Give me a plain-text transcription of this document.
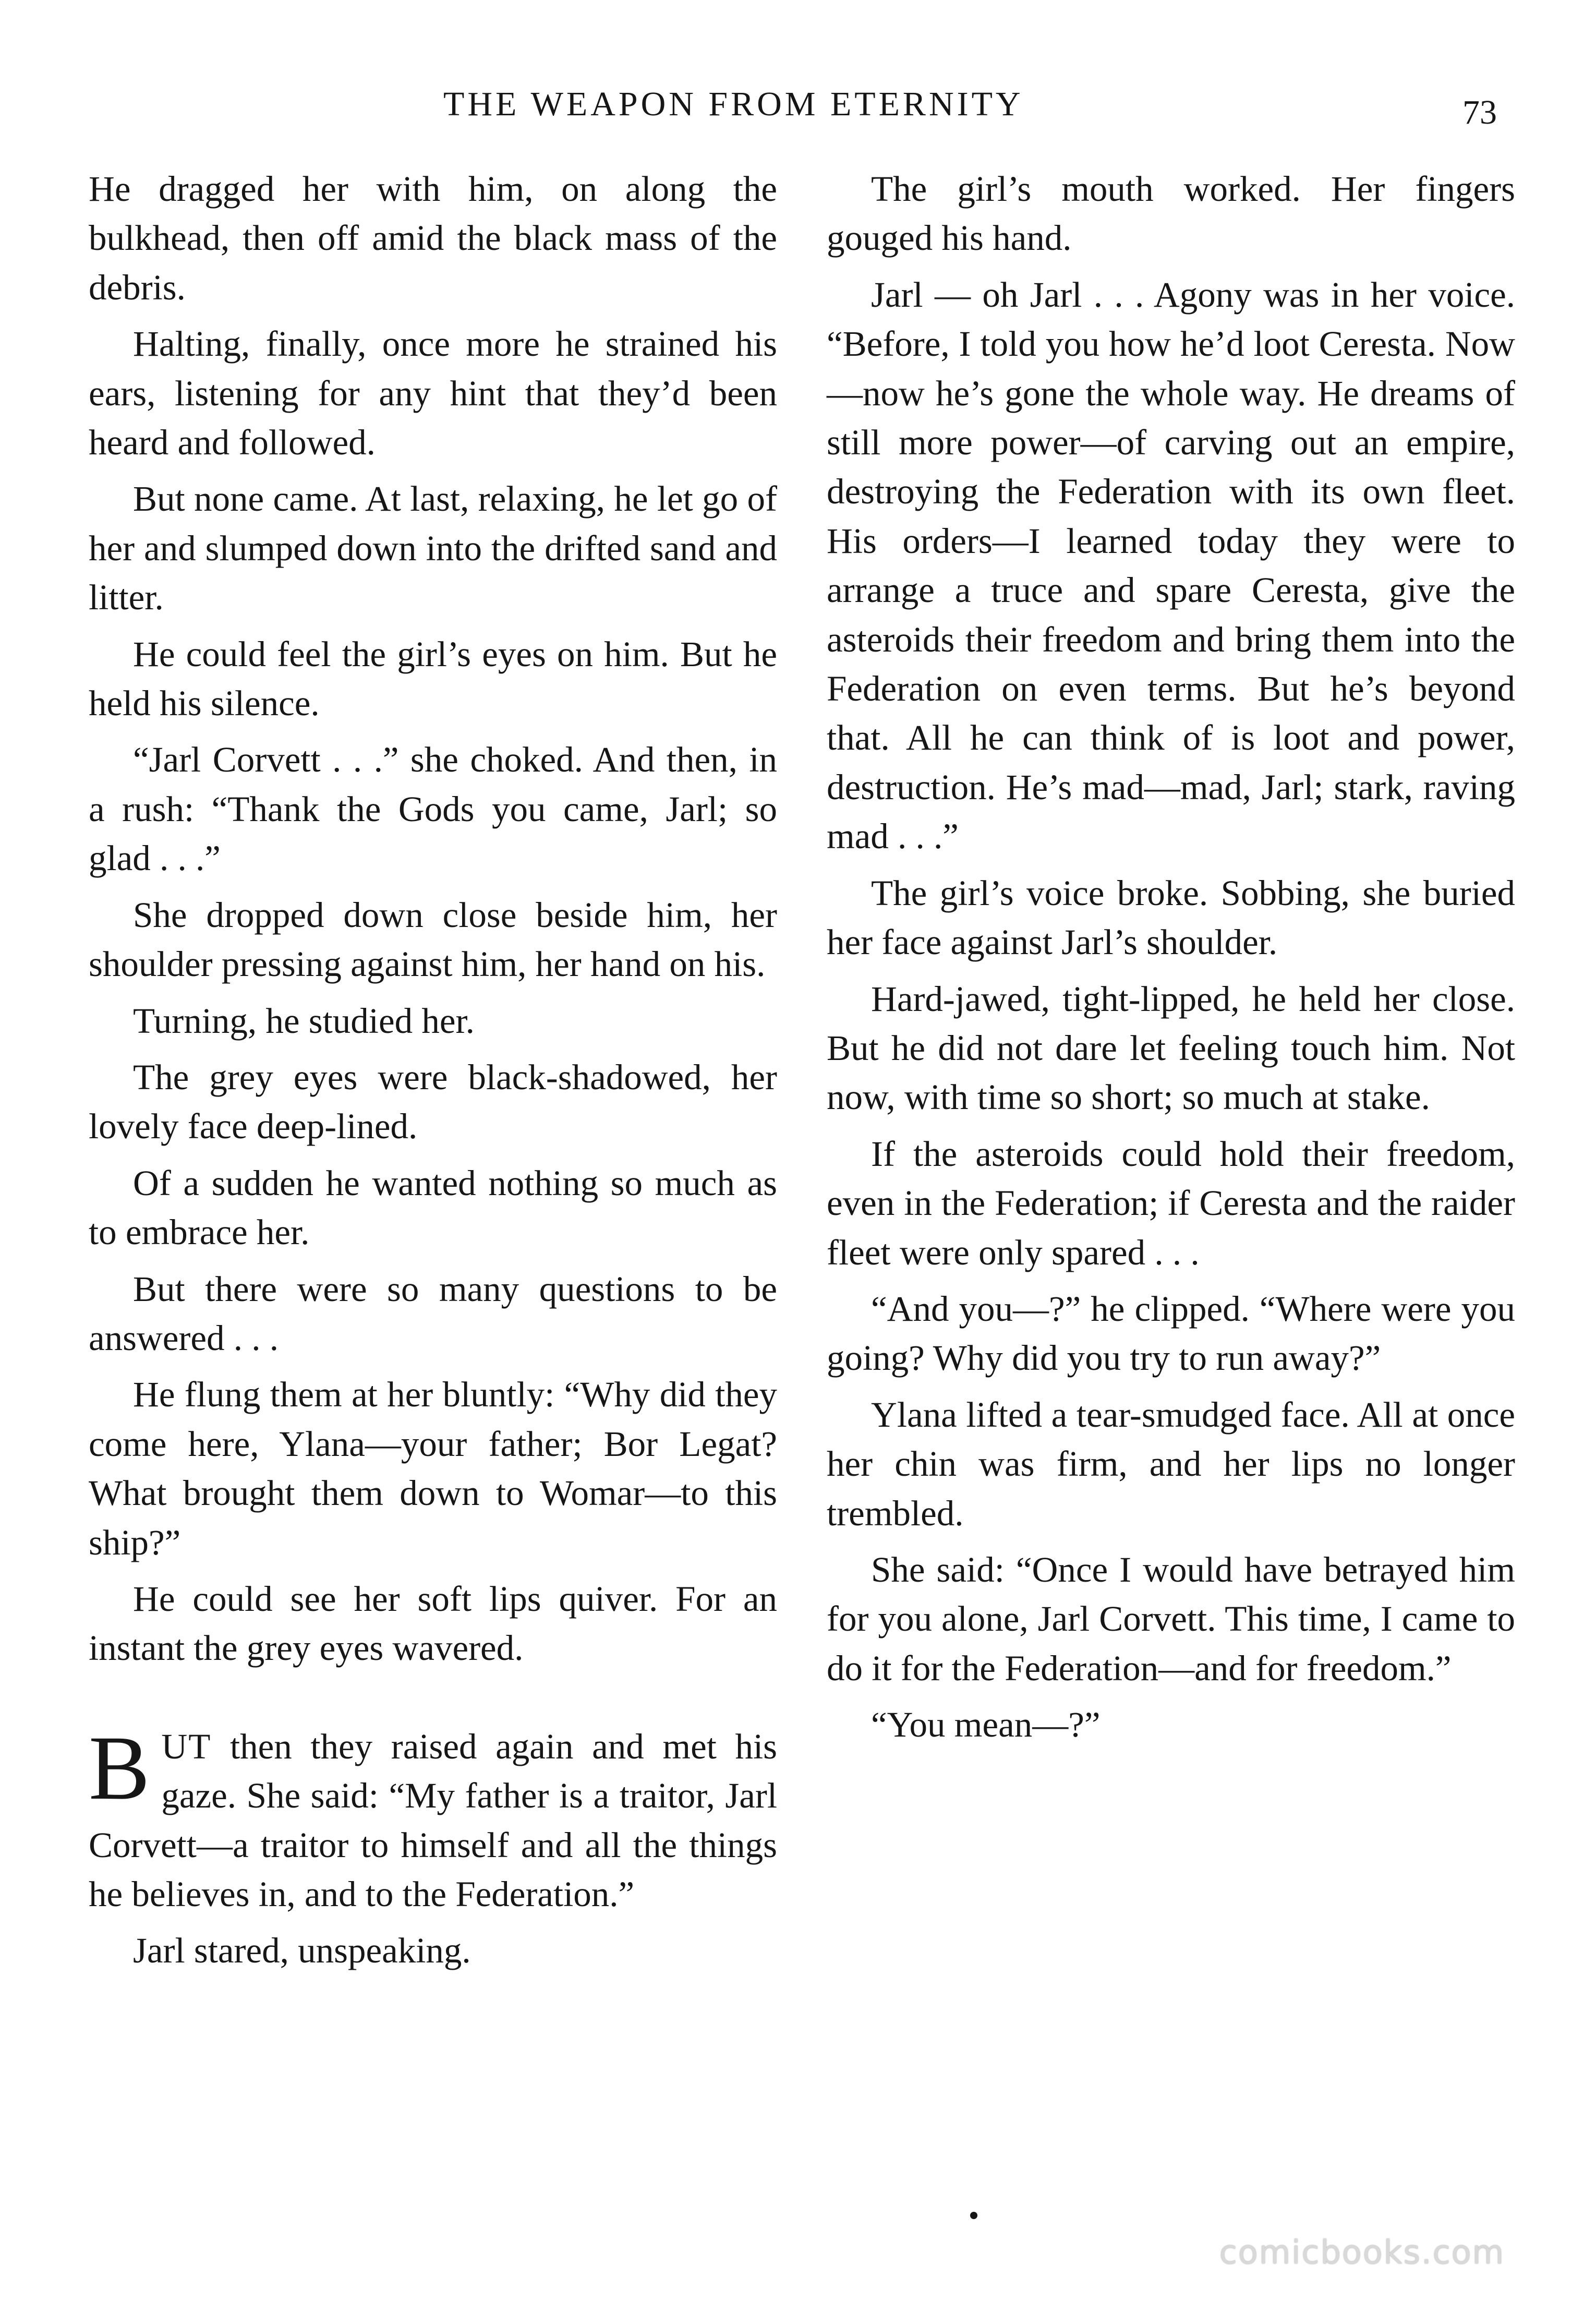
THE WEAPON FROM ETERNITY	73

He dragged her with him, on along the bulkhead, then off amid the black mass of the debris.

Halting, finally, once more he strained his ears, listening for any hint that they’d been heard and followed.

But none came. At last, relaxing, he let go of her and slumped down into the drifted sand and litter.

He could feel the girl’s eyes on him. But he held his silence.

“Jarl Corvett . . .” she choked. And then, in a rush: “Thank the Gods you came, Jarl; so glad . . .”

She dropped down close beside him, her shoulder pressing against him, her hand on his.

Turning, he studied her.

The grey eyes were black-shadowed, her lovely face deep-lined.

Of a sudden he wanted nothing so much as to embrace her.

But there were so many questions to be answered . . .

He flung them at her bluntly: “Why did they come here, Ylana—your father; Bor Legat? What brought them down to Womar—to this ship?”

He could see her soft lips quiver. For an instant the grey eyes wavered.

BUT then they raised again and met his gaze. She said: “My father is a traitor, Jarl Corvett—a traitor to himself and all the things he believes in, and to the Federation.”

Jarl stared, unspeaking.

The girl’s mouth worked. Her fingers gouged his hand.

Jarl — oh Jarl . . . Agony was in her voice. “Before, I told you how he’d loot Ceresta. Now—now he’s gone the whole way. He dreams of still more power—of carving out an empire, destroying the Federation with its own fleet. His orders—I learned today they were to arrange a truce and spare Ceresta, give the asteroids their freedom and bring them into the Federation on even terms. But he’s beyond that. All he can think of is loot and power, destruction. He’s mad—mad, Jarl; stark, raving mad . . .”

The girl’s voice broke. Sobbing, she buried her face against Jarl’s shoulder.

Hard-jawed, tight-lipped, he held her close. But he did not dare let feeling touch him. Not now, with time so short; so much at stake.

If the asteroids could hold their freedom, even in the Federation; if Ceresta and the raider fleet were only spared . . .

“And you—?” he clipped. “Where were you going? Why did you try to run away?”

Ylana lifted a tear-smudged face. All at once her chin was firm, and her lips no longer trembled.

She said: “Once I would have betrayed him for you alone, Jarl Corvett. This time, I came to do it for the Federation—and for freedom.”

“You mean—?”

comicbooks.com
